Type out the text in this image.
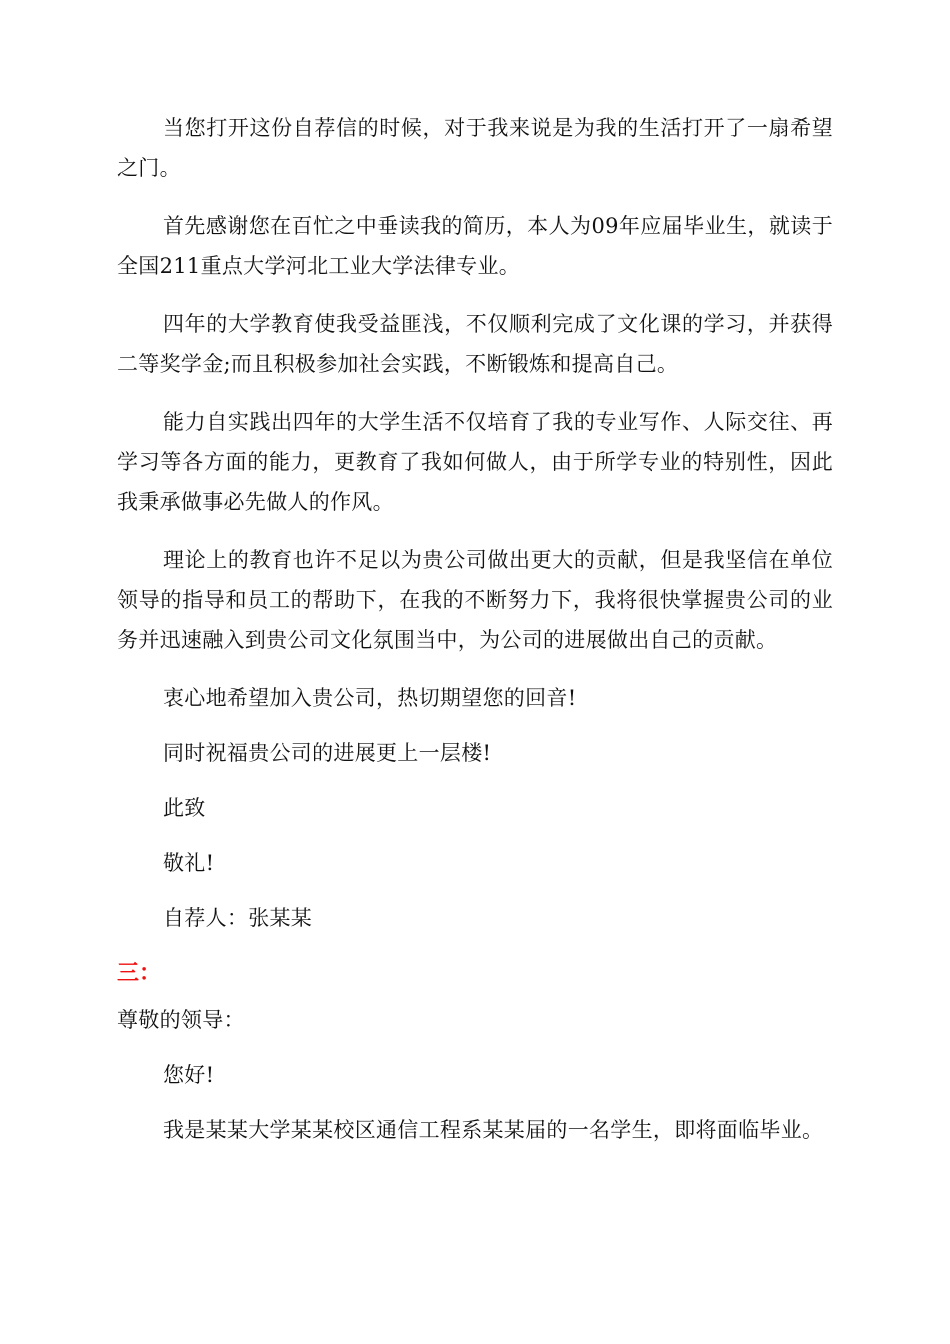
当您打开这份自荐信的时候，对于我来说是为我的生活打开了一扇希望之门。

首先感谢您在百忙之中垂读我的简历，本人为09年应届毕业生，就读于全国211重点大学河北工业大学法律专业。

四年的大学教育使我受益匪浅，不仅顺利完成了文化课的学习，并获得二等奖学金;而且积极参加社会实践，不断锻炼和提高自己。

能力自实践出四年的大学生活不仅培育了我的专业写作、人际交往、再学习等各方面的能力，更教育了我如何做人，由于所学专业的特别性，因此我秉承做事必先做人的作风。

理论上的教育也许不足以为贵公司做出更大的贡献，但是我坚信在单位领导的指导和员工的帮助下，在我的不断努力下，我将很快掌握贵公司的业务并迅速融入到贵公司文化氛围当中，为公司的进展做出自己的贡献。

衷心地希望加入贵公司，热切期望您的回音!

同时祝福贵公司的进展更上一层楼!

此致

敬礼!

自荐人：张某某

三：

尊敬的领导：

您好!

我是某某大学某某校区通信工程系某某届的一名学生，即将面临毕业。
